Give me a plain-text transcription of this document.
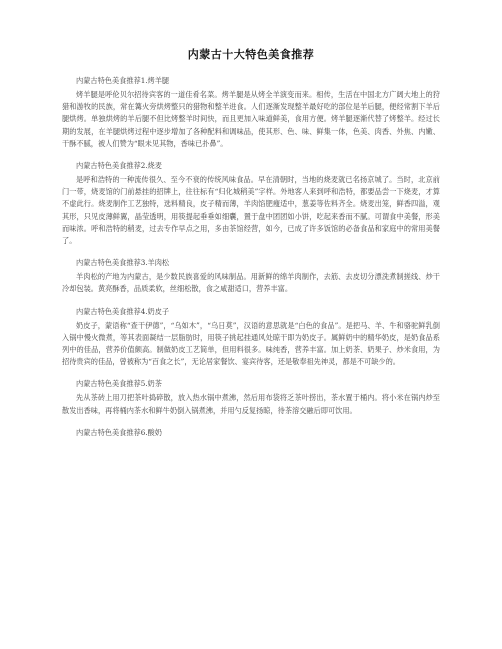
内蒙古十大特色美食推荐
内蒙古特色美食推荐1.烤羊腿

烤羊腿是呼伦贝尔招待宾客的一道佳肴名菜。烤羊腿是从烤全羊演变而来。相传，生活在中国北方广阔大地上的狩猎和游牧的民族，常在篝火旁烘烤整只的猎物和整羊进食。人们逐渐发现整羊最好吃的部位是羊后腿，便经常割下羊后腿烘烤。单独烘烤的羊后腿不但比烤整羊时间快，而且更加入味道鲜美，食用方便。烤羊腿逐渐代替了烤整羊。经过长期的发展，在羊腿烘烤过程中逐步增加了各种配料和调味品，使其形、色、味、鲜集一体，色美、肉香、外焦、内嫩、干酥不腻，被人们赞为“眼未见其物，香味已扑鼻”。

内蒙古特色美食推荐2.烧麦

是呼和浩特的一种流传很久、至今不衰的传统风味食品。早在清朝时，当地的烧麦就已名扬京城了。当时，北京前门一带，烧麦馆的门前悬挂的招牌上，往往标有“归化城稍美”字样。外地客人来到呼和浩特，都要品尝一下烧麦，才算不虚此行。烧麦制作工艺独特，选料精良，皮子精而薄，羊肉馅肥瘦适中，葱姜等佐料齐全。烧麦出笼，鲜香四溢，观其形，只见皮薄鲜翼，晶莹透明，用筷提起垂垂如细囊，置于盘中团团如小饼，吃起来香而不腻。可谓食中美餐，形美而味浓。呼和浩特的稍麦，过去专作早点之用，多由茶馆经营，如今，已成了许多饭馆的必备食品和家庭中的常用美餐了。

内蒙古特色美食推荐3.羊肉松

羊肉松的产地为内蒙古，是少数民族喜爱的风味制品。用新鲜的绵羊肉制作，去筋、去皮切分漂洗煮制搓线、炒干冷却包装。黄亮酥香，品质柔软，丝细松散，食之咸甜适口，营养丰富。

内蒙古特色美食推荐4.奶皮子

奶皮子，蒙语称“查干伊德”，“乌如木”，“乌日莫”，汉语的意思就是“白色的食品”。是把马、羊、牛和骆驼鲜乳倒入锅中慢火微煮，等其表面凝结一层脂肪时，用筷子挑起挂通风处晾干即为奶皮子。属鲜奶中的精华奶皮，是奶食品系列中的佳品，营养价值颇高。制做奶皮工艺简单，但用料很多。味纯香，营养丰富。加上奶茶、奶果子、炒米食用，为招待贵宾的佳品，曾被称为“百食之长”，无论居家餐饮、宴宾待客，还是敬奉祖先神灵，都是不可缺少的。

内蒙古特色美食推荐5.奶茶

先从茶砖上用刀把茶叶捣碎散，放入热水锅中煮沸，然后用布袋将乏茶叶捞出，茶水置于桶内。将小米在锅内炒至散发出香味，再将桶内茶水和鲜牛奶倒入锅煮沸，并用勺反复扬晾，待茶溶交融后即可饮用。

内蒙古特色美食推荐6.酸奶
